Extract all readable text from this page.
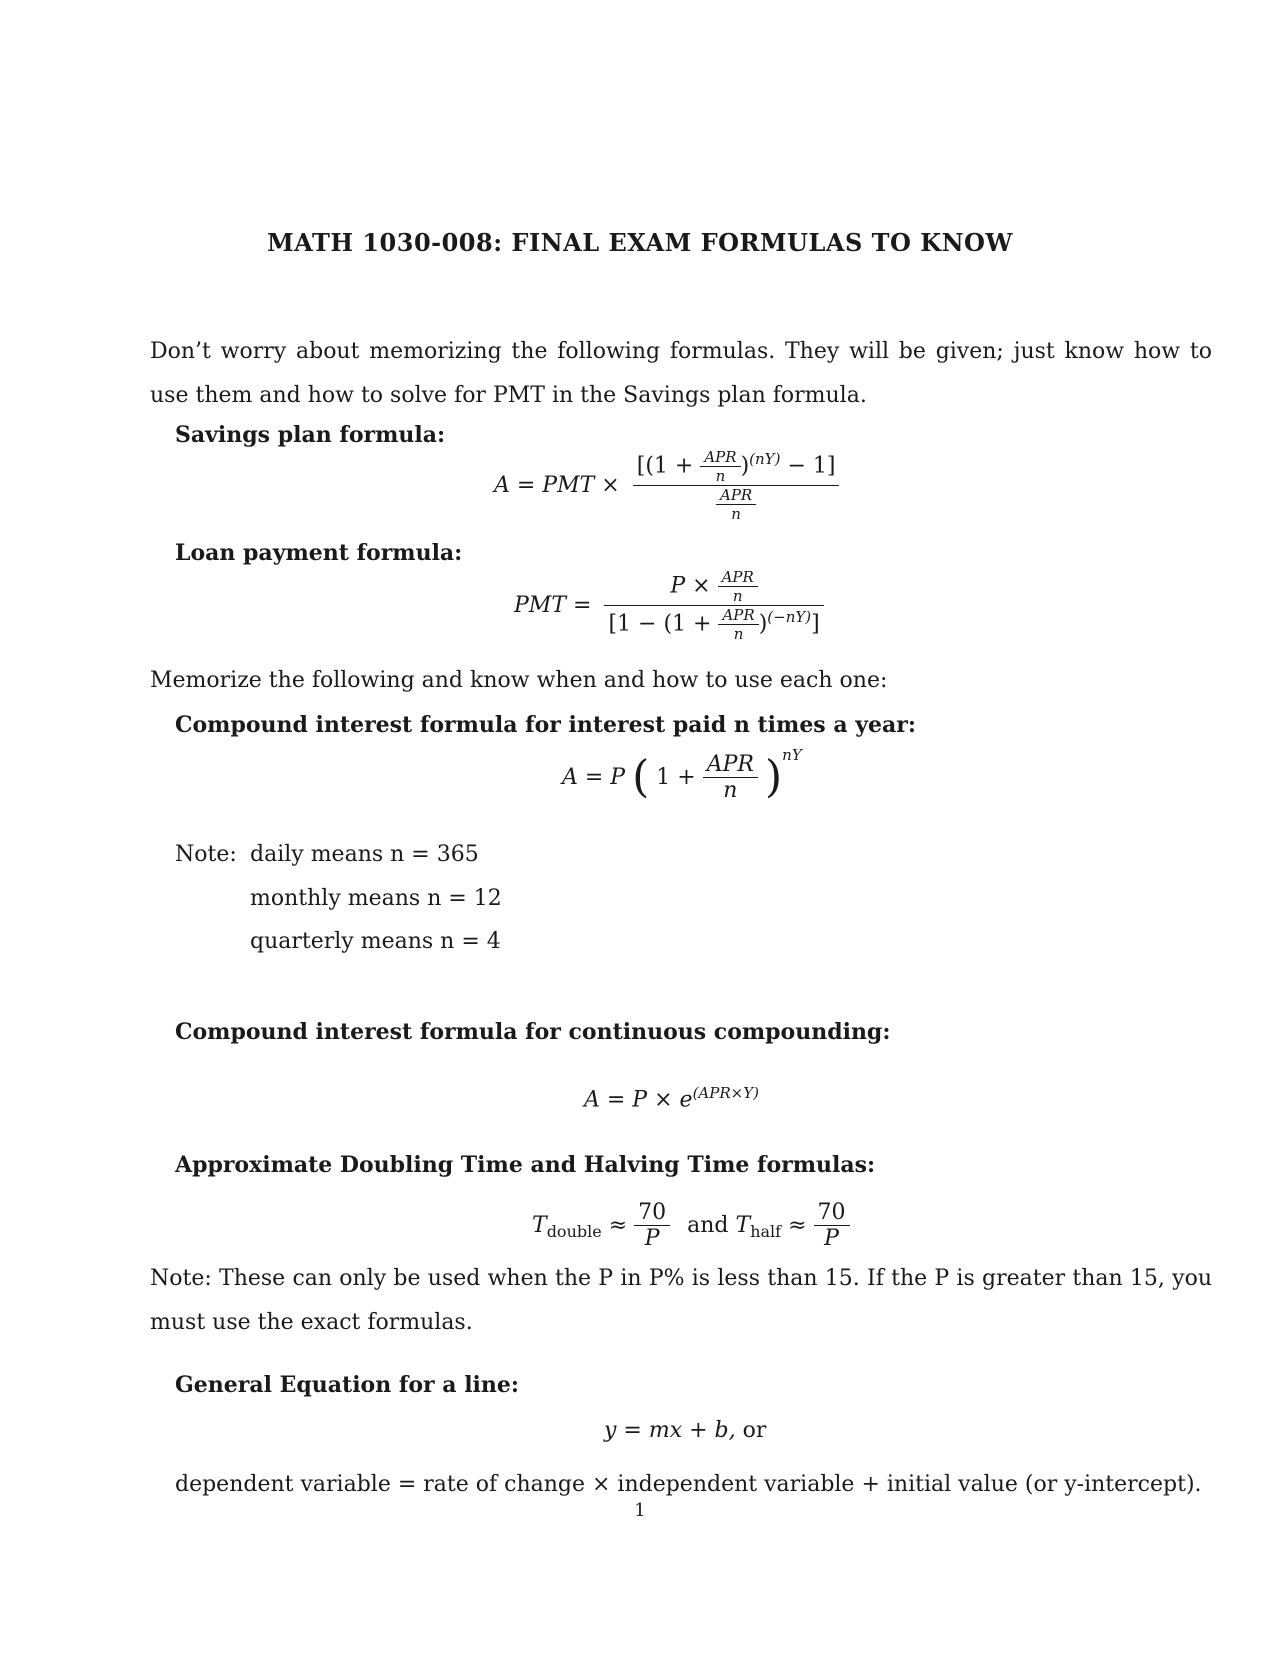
MATH 1030-008: FINAL EXAM FORMULAS TO KNOW
Don’t worry about memorizing the following formulas. They will be given; just know how to use them and how to solve for PMT in the Savings plan formula.
Savings plan formula:
A = PMT ×
$[(1 + \frac{\text{APR}}{n} )^{(nY)} - 1]$
$\frac{\text{APR}}{n}$
Loan payment formula:
PMT = $\frac{P \times \frac{\text{APR}}{n}}{[1 - (1 + \frac{\text{APR}}{n} )^{(-nY)}]}$
Memorize the following and know when and how to use each one:
Compound interest formula for interest paid n times a year:
A = P ( $1 + \frac{\text{APR}}{n} )^{nY}$
Note: daily means n = 365
monthly means n = 12
quarterly means n = 4
Compound interest formula for continuous compounding:
$A = P \times e^{(APR\times Y)}$
Approximate Doubling Time and Halving Time formulas:
$T_{double} \approx \frac{70}{P}$ and $T_{half} \approx \frac{70}{P}$
Note: These can only be used when the P in P% is less than 15. If the P is greater than 15, you must use the exact formulas.
General Equation for a line:
y = mx + b, or
dependent variable = rate of change × independent variable + initial value (or y-intercept).
1
